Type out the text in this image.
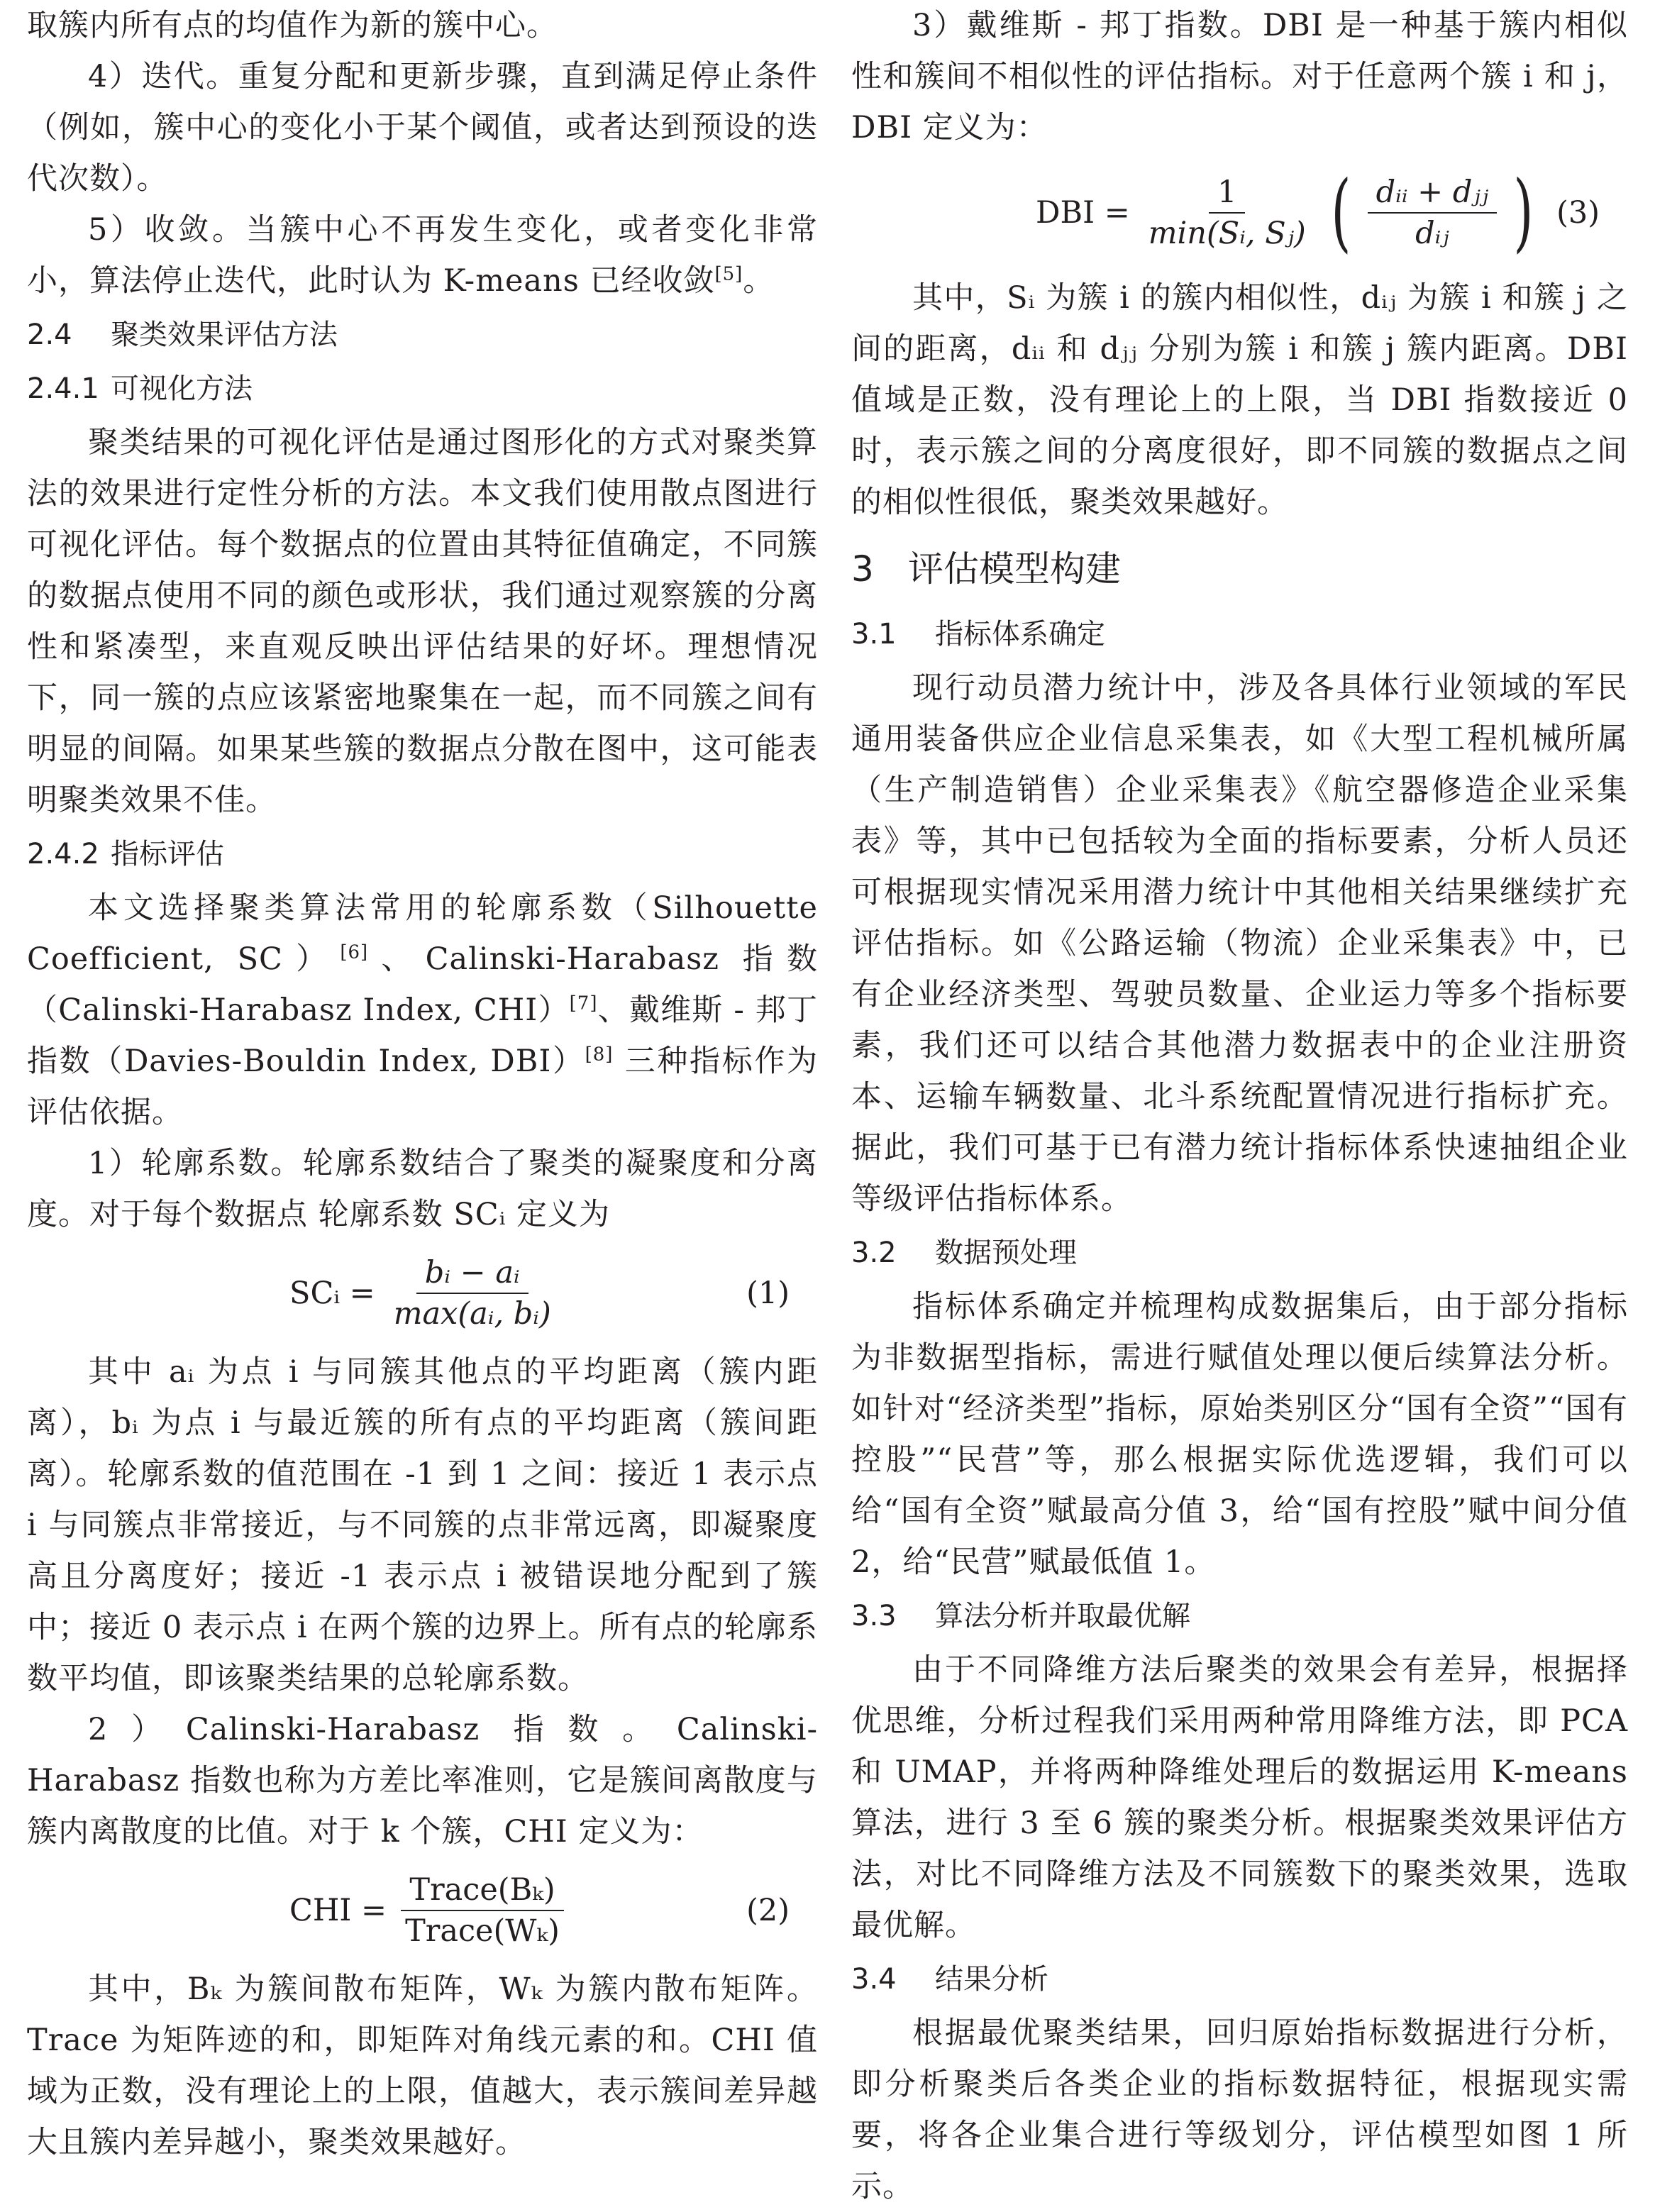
取簇内所有点的均值作为新的簇中心。

4）迭代。重复分配和更新步骤，直到满足停止条件（例如，簇中心的变化小于某个阈值，或者达到预设的迭代次数）。

5）收敛。当簇中心不再发生变化，或者变化非常小，算法停止迭代，此时认为 K-means 已经收敛[5]。

2.4 聚类效果评估方法
2.4.1 可视化方法

聚类结果的可视化评估是通过图形化的方式对聚类算法的效果进行定性分析的方法。本文我们使用散点图进行可视化评估。每个数据点的位置由其特征值确定，不同簇的数据点使用不同的颜色或形状，我们通过观察簇的分离性和紧凑型，来直观反映出评估结果的好坏。理想情况下，同一簇的点应该紧密地聚集在一起，而不同簇之间有明显的间隔。如果某些簇的数据点分散在图中，这可能表明聚类效果不佳。

2.4.2 指标评估

本文选择聚类算法常用的轮廓系数（Silhouette Coefficient, SC）[6]、Calinski-Harabasz 指数（Calinski-Harabasz Index, CHI）[7]、戴维斯 - 邦丁指数（Davies-Bouldin Index, DBI）[8] 三种指标作为评估依据。

1）轮廓系数。轮廓系数结合了聚类的凝聚度和分离度。对于每个数据点 轮廓系数 SCᵢ 定义为

SCᵢ = $\frac{\text{bᵢ − aᵢ}}{\text{max(aᵢ, bᵢ)}}$	(1)

其中 aᵢ 为点 i 与同簇其他点的平均距离（簇内距离），bᵢ 为点 i 与最近簇的所有点的平均距离（簇间距离）。轮廓系数的值范围在 -1 到 1 之间：接近 1 表示点 i 与同簇点非常接近，与不同簇的点非常远离，即凝聚度高且分离度好；接近 -1 表示点 i 被错误地分配到了簇中；接近 0 表示点 i 在两个簇的边界上。所有点的轮廓系数平均值，即该聚类结果的总轮廓系数。

2）Calinski-Harabasz 指数。Calinski-Harabasz 指数也称为方差比率准则，它是簇间离散度与簇内离散度的比值。对于 k 个簇，CHI 定义为：

CHI = $\frac{\text{Trace(Bₖ)}}{\text{Trace(Wₖ)}}$	(2)

其中，Bₖ 为簇间散布矩阵，Wₖ 为簇内散布矩阵。Trace 为矩阵迹的和，即矩阵对角线元素的和。CHI 值域为正数，没有理论上的上限，值越大，表示簇间差异越大且簇内差异越小，聚类效果越好。

3）戴维斯 - 邦丁指数。DBI 是一种基于簇内相似性和簇间不相似性的评估指标。对于任意两个簇 i 和 j，DBI 定义为：

DBI = $\frac{1}{\text{min(Sᵢ, Sⱼ)}}$ ( $\frac{\text{dᵢᵢ + dⱼⱼ}}{\text{dᵢⱼ}}$ ) (3)

其中，Sᵢ 为簇 i 的簇内相似性，dᵢⱼ 为簇 i 和簇 j 之间的距离，dᵢᵢ 和 dⱼⱼ 分别为簇 i 和簇 j 簇内距离。DBI 值域是正数，没有理论上的上限，当 DBI 指数接近 0 时，表示簇之间的分离度很好，即不同簇的数据点之间的相似性很低，聚类效果越好。

3 评估模型构建
3.1 指标体系确定

现行动员潜力统计中，涉及各具体行业领域的军民通用装备供应企业信息采集表，如《大型工程机械所属（生产制造销售）企业采集表》《航空器修造企业采集表》等，其中已包括较为全面的指标要素，分析人员还可根据现实情况采用潜力统计中其他相关结果继续扩充评估指标。如《公路运输（物流）企业采集表》中，已有企业经济类型、驾驶员数量、企业运力等多个指标要素，我们还可以结合其他潜力数据表中的企业注册资本、运输车辆数量、北斗系统配置情况进行指标扩充。据此，我们可基于已有潜力统计指标体系快速抽组企业等级评估指标体系。

3.2 数据预处理

指标体系确定并梳理构成数据集后，由于部分指标为非数据型指标，需进行赋值处理以便后续算法分析。如针对“经济类型”指标，原始类别区分“国有全资”“国有控股”“民营”等，那么根据实际优选逻辑，我们可以给“国有全资”赋最高分值 3，给“国有控股”赋中间分值 2，给“民营”赋最低值 1。

3.3 算法分析并取最优解

由于不同降维方法后聚类的效果会有差异，根据择优思维，分析过程我们采用两种常用降维方法，即 PCA 和 UMAP，并将两种降维处理后的数据运用 K-means 算法，进行 3 至 6 簇的聚类分析。根据聚类效果评估方法，对比不同降维方法及不同簇数下的聚类效果，选取最优解。

3.4 结果分析

根据最优聚类结果，回归原始指标数据进行分析，即分析聚类后各类企业的指标数据特征，根据现实需要，将各企业集合进行等级划分，评估模型如图 1 所示。
